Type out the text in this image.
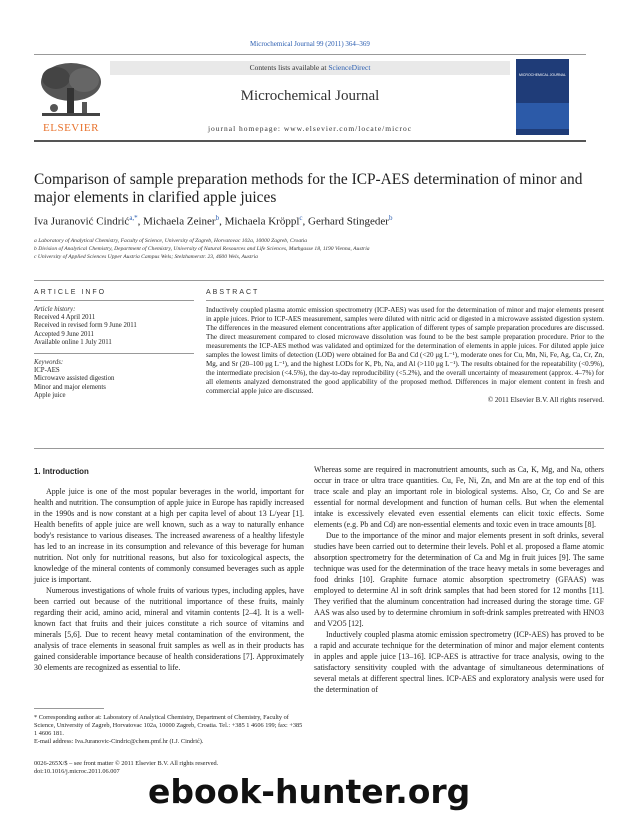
Microchemical Journal 99 (2011) 364–369
ELSEVIER
Contents lists available at ScienceDirect
Microchemical Journal
journal homepage: www.elsevier.com/locate/microc
MICROCHEMICAL JOURNAL
Comparison of sample preparation methods for the ICP-AES determination of minor and major elements in clarified apple juices
Iva Juranović Cindrić$^{a,*}$, Michaela Zeiner$^b$, Michaela Kröppl$^c$, Gerhard Stingeder$^b$
a Laboratory of Analytical Chemistry, Faculty of Science, University of Zagreb, Horvatovac 102a, 10000 Zagreb, Croatia
b Division of Analytical Chemistry, Department of Chemistry, University of Natural Resources and Life Sciences, Muthgasse 18, 1190 Vienna, Austria
c University of Applied Sciences Upper Austria Campus Wels; Stelzhamerstr. 23, 4600 Wels, Austria
ARTICLE INFO	ABSTRACT
Article history:
Received 4 April 2011
Received in revised form 9 June 2011
Accepted 9 June 2011
Available online 1 July 2011
Keywords:
ICP-AES
Microwave assisted digestion
Minor and major elements
Apple juice
Inductively coupled plasma atomic emission spectrometry (ICP-AES) was used for the determination of minor and major elements present in apple juices. Prior to ICP-AES measurement, samples were diluted with nitric acid or digested in a microwave assisted digestion system. The differences in the measured element concentrations after application of different types of sample preparation procedures are discussed. The direct measurement compared to closed microwave dissolution was found to be the best sample preparation procedure. Prior to the measurements the ICP-AES method was validated and optimized for the determination of elements in apple juices. For diluted apple juice samples the lowest limits of detection (LOD) were obtained for Ba and Cd (<20 μg L⁻¹), moderate ones for Cu, Mn, Ni, Fe, Ag, Ca, Cr, Zn, Mg, and Sr (20–100 μg L⁻¹), and the highest LODs for K, Pb, Na, and Al (>110 μg L⁻¹). The results obtained for the repeatability (<0.9%), the intermediate precision (<4.5%), the day-to-day reproducibility (<5.2%), and the overall uncertainty of measurement (approx. 4–7%) for all elements analyzed demonstrated the good applicability of the proposed method. Differences in major element content in fresh and commercial apple juice are discussed.
© 2011 Elsevier B.V. All rights reserved.
1. Introduction

Apple juice is one of the most popular beverages in the world, important for health and nutrition. The consumption of apple juice in Europe has rapidly increased in the 1990s and is now constant at a high per capita level of about 13 L/year [1]. Health benefits of apple juice are well known, such as a way to naturally enhance body's resistance to various diseases. The increased awareness of a healthy lifestyle has led to an increase in its consumption and relevance of this beverage for human nutrition. Not only for nutritional reasons, but also for toxicological aspects, the knowledge of the mineral contents of commonly consumed beverages such as apple juice is important.

Numerous investigations of whole fruits of various types, including apples, have been carried out because of the nutritional importance of these fruits, mainly regarding their acid, amino acid, mineral and vitamin contents [2–4]. It is a well-known fact that fruits and their juices constitute a rich source of vitamins and minerals [5,6]. Due to recent heavy metal contamination of the environment, the analysis of trace elements in seasonal fruit samples as well as in their products has gained considerable importance because of health considerations [7]. Approximately 30 elements are recognized as essential to life.

Whereas some are required in macronutrient amounts, such as Ca, K, Mg, and Na, others occur in trace or ultra trace quantities. Cu, Fe, Ni, Zn, and Mn are at the top end of this trace scale and play an important role in biological systems. Also, Cr, Co and Se are essential for normal development and function of human cells. But when the elemental intake is excessively elevated even essential elements can elicit toxic effects. Some elements (e.g. Pb and Cd) are non-essential elements and toxic even in trace amounts [8].

Due to the importance of the minor and major elements present in soft drinks, several studies have been carried out to determine their levels. Pohl et al. proposed a flame atomic absorption spectrometry for the determination of Ca and Mg in fruit juices [9]. The same technique was used for the determination of the trace heavy metals in some beverages and food drinks [10]. Graphite furnace atomic absorption spectrometry (GFAAS) was employed to determine Al in soft drink samples that had been stored for 12 months [11]. They verified that the aluminum concentration had increased during the storage time. GF AAS was also used by to determine chromium in soft-drink samples pretreated with HNO3 and V2O5 [12].

Inductively coupled plasma atomic emission spectrometry (ICP-AES) has proved to be a rapid and accurate technique for the determination of minor and major element contents in apples and apple juice [13–16]. ICP-AES is attractive for trace analysis, owing to the satisfactory sensitivity coupled with the advantage of simultaneous determinations of several metals at different spectral lines. ICP-AES and exploratory analysis were used for the determination of

* Corresponding author at: Laboratory of Analytical Chemistry, Department of Chemistry, Faculty of Science, University of Zagreb, Horvatovac 102a, 10000 Zagreb, Croatia. Tel.: +385 1 4606 199; fax: +385 1 4606 181.
E-mail address: Iva.Juranovic-Cindric@chem.pmf.hr (I.J. Cindrić).
0026-265X/$ – see front matter © 2011 Elsevier B.V. All rights reserved.
doi:10.1016/j.microc.2011.06.007
ebook-hunter.org
